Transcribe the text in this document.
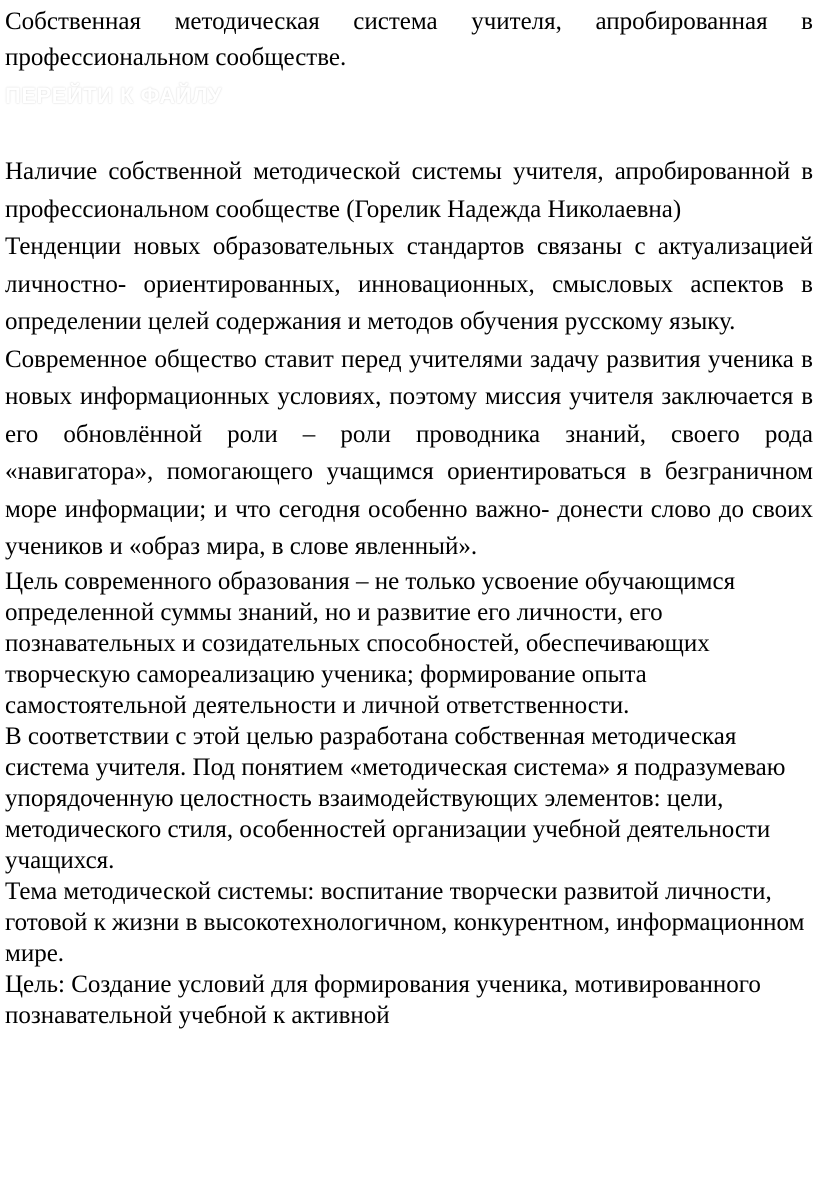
Собственная методическая система учителя, апробированная в профессиональном сообществе.

ПЕРЕЙТИ К ФАЙЛУ

Наличие собственной методической системы учителя, апробированной в профессиональном сообществе (Горелик Надежда Николаевна)

Тенденции новых образовательных стандартов связаны с актуализацией личностно- ориентированных, инновационных, смысловых аспектов в определении целей содержания и методов обучения русскому языку.

Современное общество ставит перед учителями задачу развития ученика в новых информационных условиях, поэтому миссия учителя заключается в его обновлённой роли – роли проводника знаний, своего рода «навигатора», помогающего учащимся ориентироваться в безграничном море информации; и что сегодня особенно важно- донести слово до своих учеников и «образ мира, в слове явленный».

Цель современного образования – не только усвоение обучающимся определенной суммы знаний, но и развитие его личности, его познавательных и созидательных способностей, обеспечивающих творческую самореализацию ученика; формирование опыта самостоятельной деятельности и личной ответственности.

В соответствии с этой целью разработана собственная методическая система учителя. Под понятием «методическая система» я подразумеваю упорядоченную целостность взаимодействующих элементов: цели, методического стиля, особенностей организации учебной деятельности учащихся.

Тема методической системы: воспитание творчески развитой личности, готовой к жизни в высокотехнологичном, конкурентном, информационном мире.

Цель: Создание условий для формирования ученика, мотивированного познавательной учебной к активной
